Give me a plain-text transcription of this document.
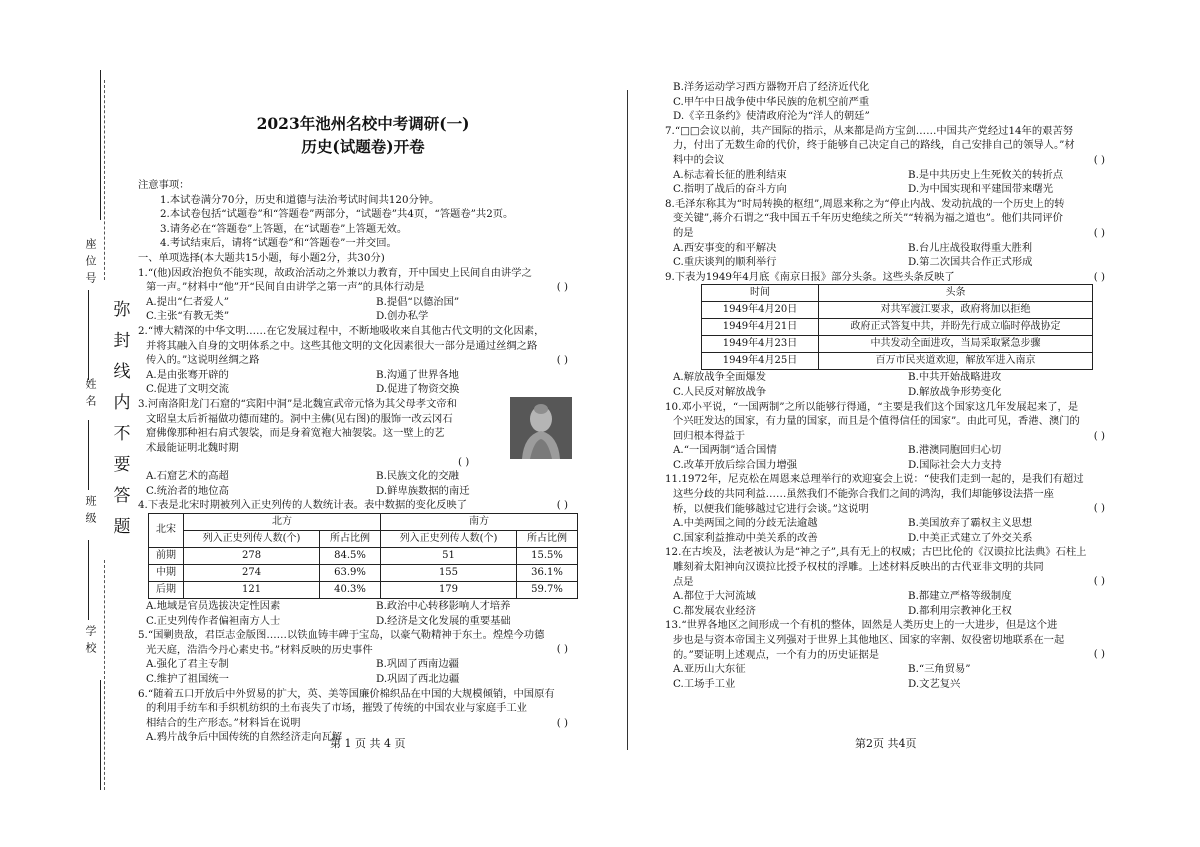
座位号
姓名
班级
学校
弥
封
线
内
不
要
答
题
2023年池州名校中考调研(一)
历史(试题卷)开卷
注意事项：
1.本试卷满分70分，历史和道德与法治考试时间共120分钟。
2.本试卷包括“试题卷”和“答题卷”两部分，“试题卷”共4页，“答题卷”共2页。
3.请务必在“答题卷”上答题，在“试题卷”上答题无效。
4.考试结束后，请将“试题卷”和“答题卷”一并交回。
一、单项选择(本大题共15小题，每小题2分，共30分)
1.“(他)因政治抱负不能实现，故政治活动之外兼以力教育，开中国史上民间自由讲学之
第一声。”材料中“他”开“民间自由讲学之第一声”的具体行动是	( )
A.提出“仁者爱人”	B.提倡“以德治国”
C.主张“有教无类”	D.创办私学
2.“博大精深的中华文明……在它发展过程中，不断地吸收来自其他古代文明的文化因素，
并将其融入自身的文明体系之中。这些其他文明的文化因素很大一部分是通过丝绸之路
传入的。”这说明丝绸之路	( )
A.是由张骞开辟的	B.沟通了世界各地
C.促进了文明交流	D.促进了物资交换
3.河南洛阳龙门石窟的“宾阳中洞”是北魏宣武帝元恪为其父母孝文帝和
文昭皇太后祈福做功德而建的。洞中主佛(见右图)的服饰一改云冈石
窟佛像那种袒右肩式袈裟，而是身着宽袍大袖袈裟。这一壁上的艺
术最能证明北魏时期
( )
A.石窟艺术的高超	B.民族文化的交融
C.统治者的地位高	D.鲜卑族数据的南迁
4.下表是北宋时期被列入正史列传的人数统计表。表中数据的变化反映了	( )
北宋	北方		南方	
	列入正史列传人数(个)	所占比例	列入正史列传人数(个)	所占比例
前期	278	84.5%	51	15.5%
中期	274	63.9%	155	36.1%
后期	121	40.3%	179	59.7%
A.地域是官员选拔决定性因素	B.政治中心转移影响人才培养
C.正史列传作者偏袒南方人士	D.经济是文化发展的重要基础
5.“国剿贵敌，君臣志金版图……以铁血铸丰碑于宝岛，以豪气勒精神于东土。煌煌今功德
光天庭，浩浩今丹心素史书。”材料反映的历史事件	( )
A.强化了君主专制	B.巩固了西南边疆
C.维护了祖国统一	D.巩固了西北边疆
6.“随着五口开放后中外贸易的扩大，英、美等国廉价棉织品在中国的大规模倾销，中国原有
的利用手纺车和手织机纺织的土布丧失了市场，摧毁了传统的中国农业与家庭手工业
相结合的生产形态。”材料旨在说明	( )
A.鸦片战争后中国传统的自然经济走向瓦解
第 1 页 共 4 页
B.洋务运动学习西方器物开启了经济近代化
C.甲午中日战争使中华民族的危机空前严重
D.《辛丑条约》使清政府沦为“洋人的朝廷”
7.“□□会议以前，共产国际的指示，从来都是尚方宝剑……中国共产党经过14年的艰苦努
力，付出了无数生命的代价，终于能够自己决定自己的路线，自己安排自己的领导人。”材
料中的会议	( )
A.标志着长征的胜利结束	B.是中共历史上生死攸关的转折点
C.指明了战后的奋斗方向	D.为中国实现和平建国带来曙光
8.毛泽东称其为“时局转换的枢纽”,周恩来称之为“停止内战、发动抗战的一个历史上的转
变关键”,蒋介石谓之“我中国五千年历史绝续之所关”“转祸为福之道也”。他们共同评价
的是	( )
A.西安事变的和平解决	B.台儿庄战役取得重大胜利
C.重庆谈判的顺利举行	D.第二次国共合作正式形成
9.下表为1949年4月底《南京日报》部分头条。这些头条反映了	( )
时间	头条
1949年4月20日	对共军渡江要求，政府将加以拒绝
1949年4月21日	政府正式答复中共，并盼先行成立临时停战协定
1949年4月23日	中共发动全面进攻，当局采取紧急步骤
1949年4月25日	百万市民夹道欢迎，解放军进入南京
A.解放战争全面爆发	B.中共开始战略进攻
C.人民反对解放战争	D.解放战争形势变化
10.邓小平说，“一国两制”之所以能够行得通，“主要是我们这个国家这几年发展起来了，是
个兴旺发达的国家，有力量的国家，而且是个值得信任的国家”。由此可见，香港、澳门的
回归根本得益于	( )
A.“一国两制”适合国情	B.港澳同胞回归心切
C.改革开放后综合国力增强	D.国际社会大力支持
11.1972年，尼克松在周恩来总理举行的欢迎宴会上说：“使我们走到一起的，是我们有超过
这些分歧的共同利益……虽然我们不能弥合我们之间的鸿沟，我们却能够设法搭一座
桥，以便我们能够越过它进行会谈。”这说明	( )
A.中美两国之间的分歧无法逾越	B.美国放弃了霸权主义思想
C.国家利益推动中美关系的改善	D.中美正式建立了外交关系
12.在古埃及，法老被认为是“神之子”,具有无上的权威；古巴比伦的《汉谟拉比法典》石柱上
雕刻着太阳神向汉谟拉比授予权杖的浮雕。上述材料反映出的古代亚非文明的共同
点是	( )
A.都位于大河流域	B.都建立严格等级制度
C.都发展农业经济	D.都利用宗教神化王权
13.“世界各地区之间形成一个有机的整体，固然是人类历史上的一大进步，但是这个进
步也是与资本帝国主义列强对于世界上其他地区、国家的宰割、奴役密切地联系在一起
的。”要证明上述观点，一个有力的历史证据是	( )
A.亚历山大东征	B.“三角贸易”
C.工场手工业	D.文艺复兴
第2页 共4页
